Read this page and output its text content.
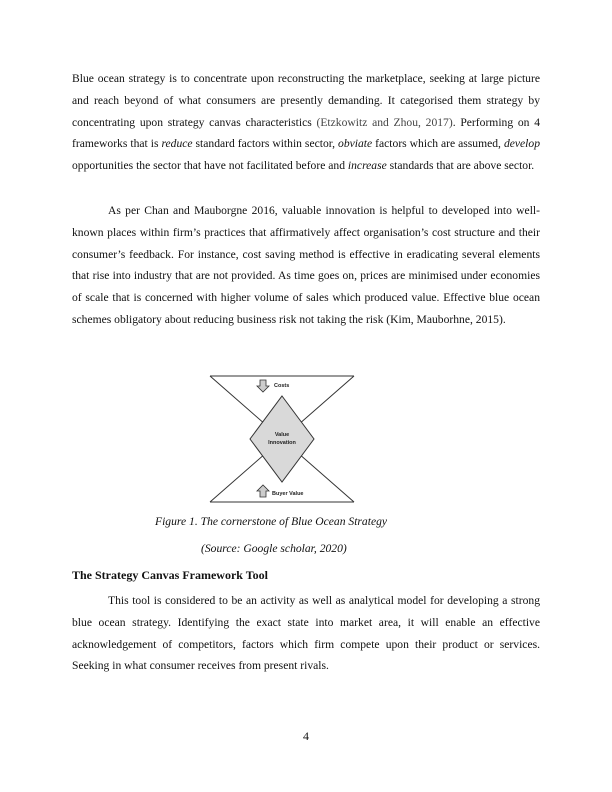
Blue ocean strategy is to concentrate upon reconstructing the marketplace, seeking at large picture and reach beyond of what consumers are presently demanding. It categorised them strategy by concentrating upon strategy canvas characteristics (Etzkowitz and Zhou, 2017). Performing on 4 frameworks that is reduce standard factors within sector, obviate factors which are assumed, develop opportunities the sector that have not facilitated before and increase standards that are above sector.

As per Chan and Mauborgne 2016, valuable innovation is helpful to developed into well-known places within firm’s practices that affirmatively affect organisation’s cost structure and their consumer’s feedback. For instance, cost saving method is effective in eradicating several elements that rise into industry that are not provided. As time goes on, prices are minimised under economies of scale that is concerned with higher volume of sales which produced value. Effective blue ocean schemes obligatory about reducing business risk not taking the risk (Kim, Mauborhne, 2015).

Costs
Value
Innovation
Buyer Value

Figure 1. The cornerstone of Blue Ocean Strategy

(Source: Google scholar, 2020)

The Strategy Canvas Framework Tool

This tool is considered to be an activity as well as analytical model for developing a strong blue ocean strategy. Identifying the exact state into market area, it will enable an effective acknowledgement of competitors, factors which firm compete upon their product or services. Seeking in what consumer receives from present rivals.

4
